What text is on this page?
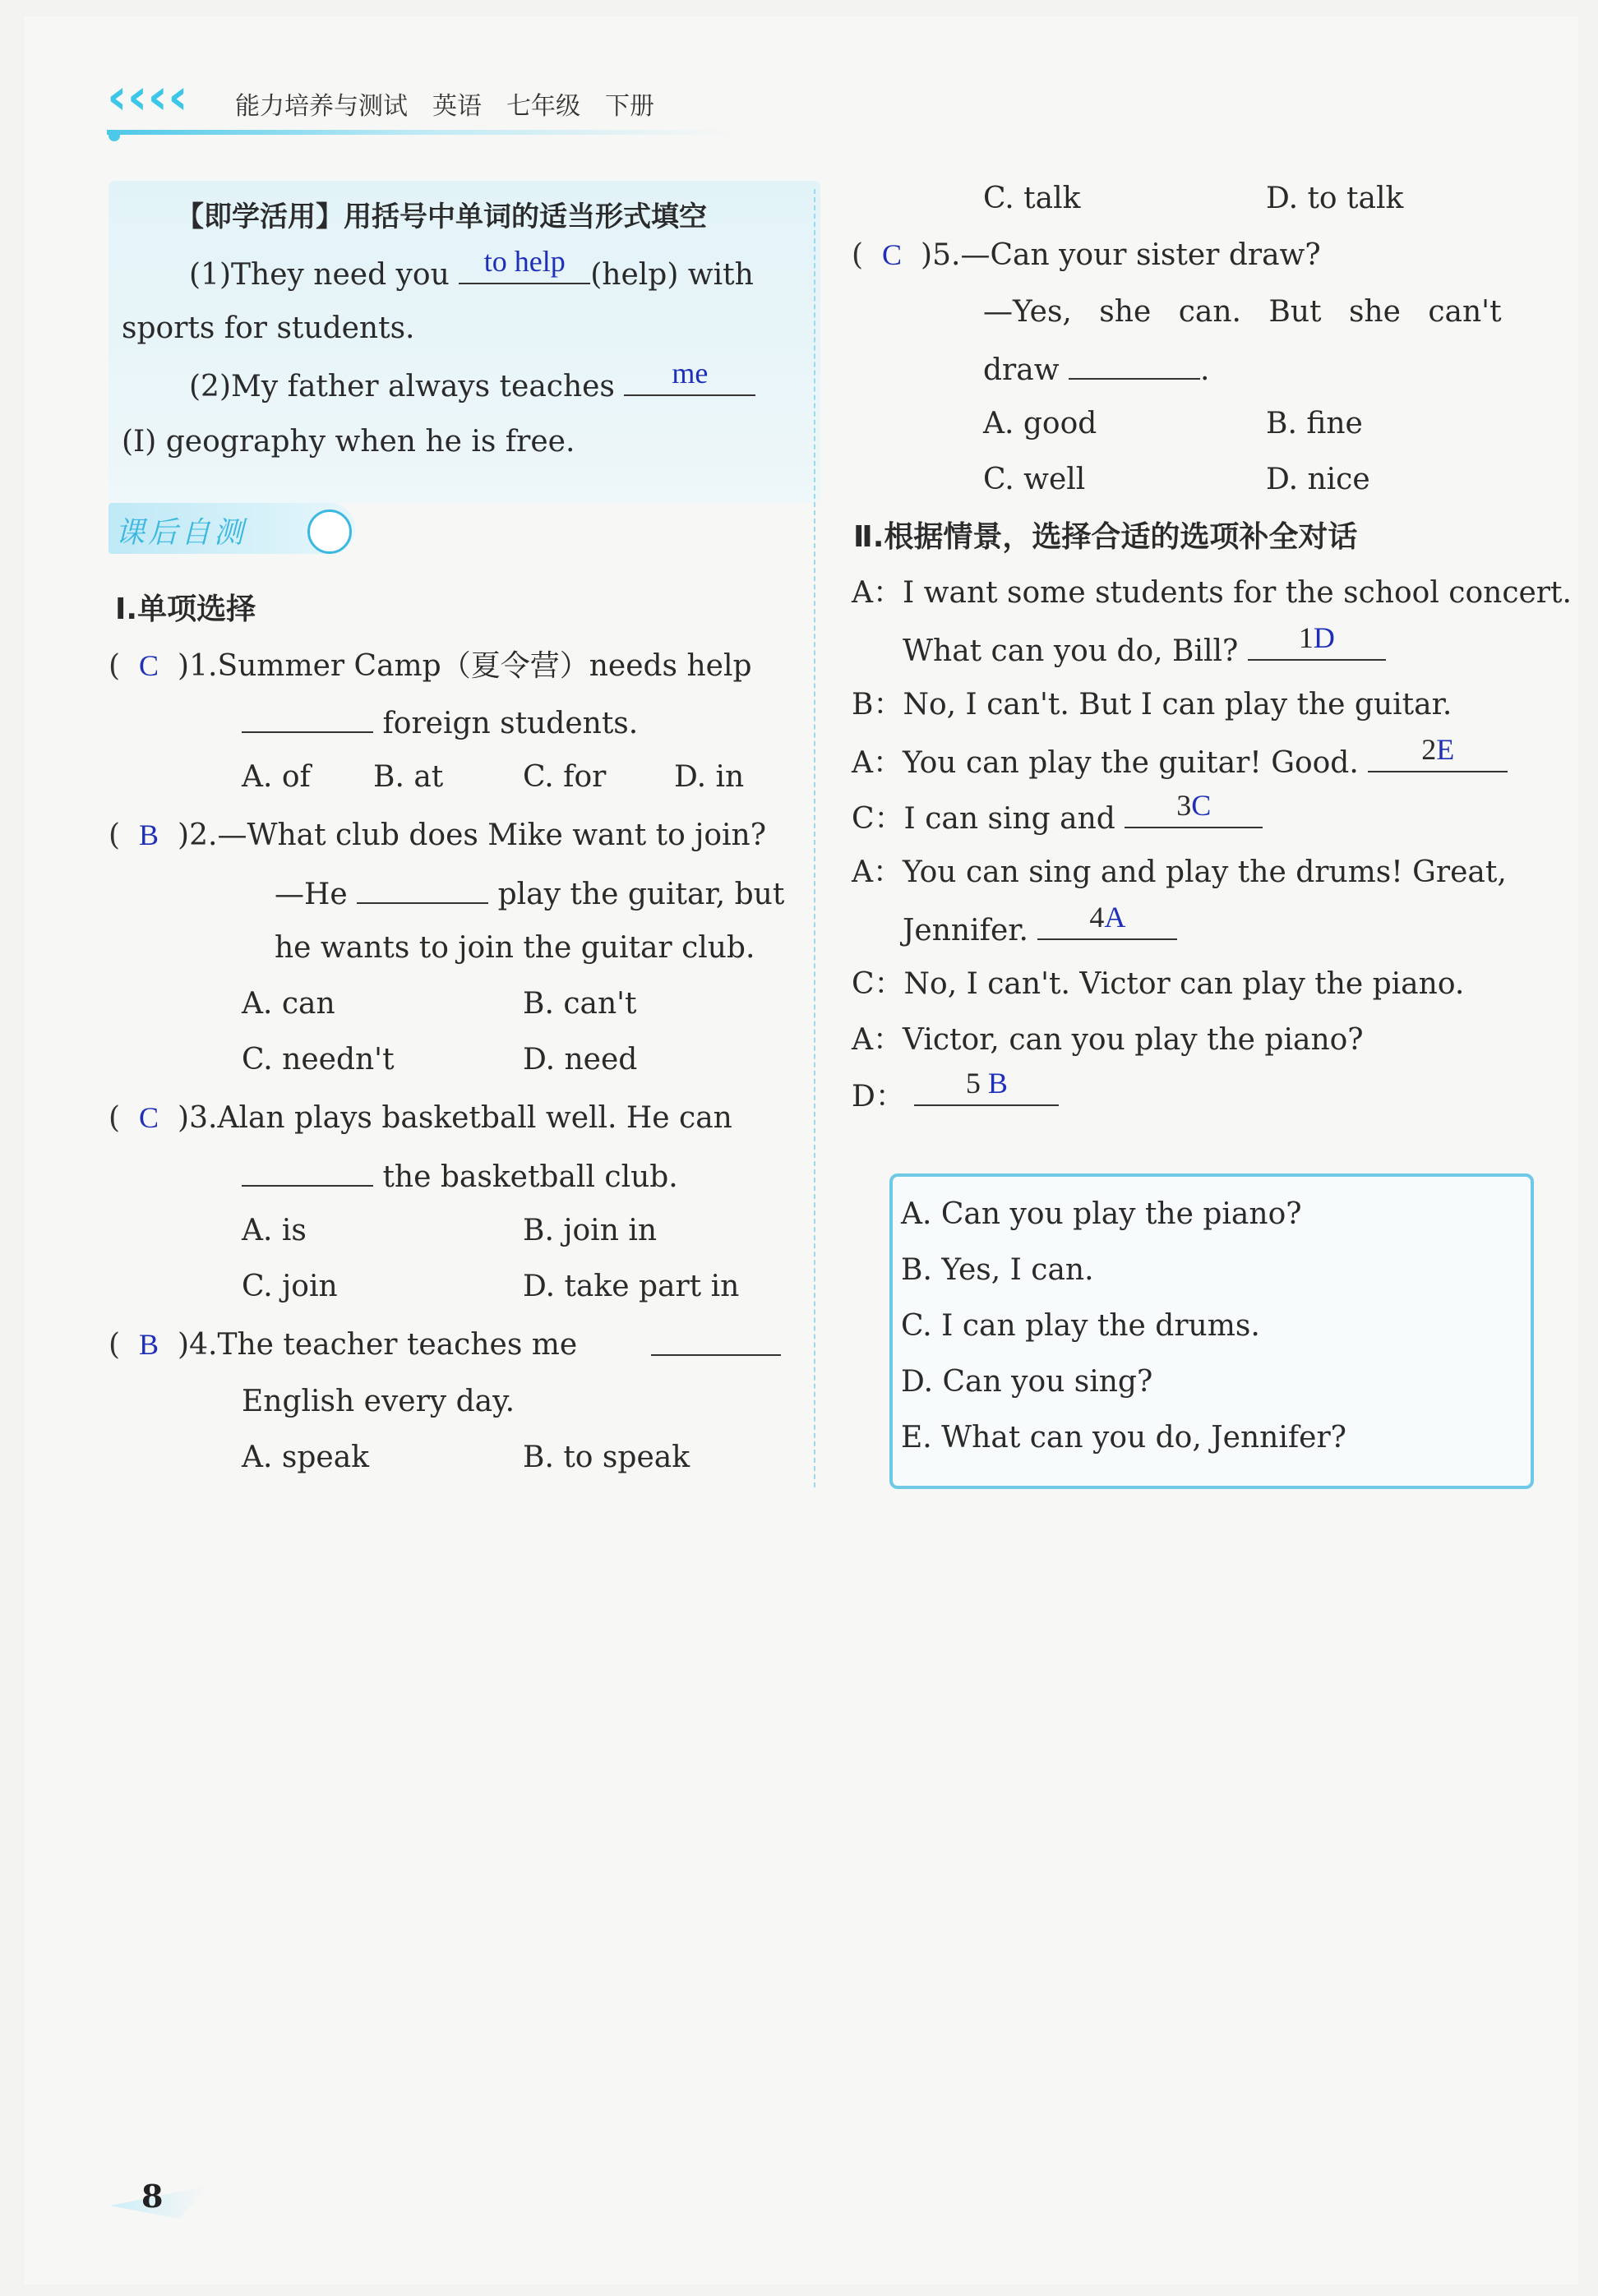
‹‹‹‹ 能力培养与测试 英语 七年级 下册
【即学活用】用括号中单词的适当形式填空
(1)They need you	to help (help) with
sports for students.
(2)My father always teaches	me
(I) geography when he is free.
课后自测
Ⅰ.单项选择
( C )1.Summer Camp（夏令营）needs help
foreign students.
A. of B. at	C. for D. in
( B )2.—What club does Mike want to join?
—He	play the guitar, but
he wants to join the guitar club.
A. can	B. can't
C. needn't	D. need
( C )3.Alan plays basketball well. He can
the basketball club.
A. is	B. join in
C. join	D. take part in
( B )4.The teacher teaches me
English every day.
A. speak	B. to speak
C. talk	D. to talk
( C )5.—Can your sister draw?
—Yes, she can. But she can't
draw	.
A. good	B. fine
C. well	D. nice
Ⅱ.根据情景，选择合适的选项补全对话
A：I want some students for the school concert.
What can you do, Bill?	1D
B：No, I can't. But I can play the guitar.
A：You can play the guitar! Good.	2E
C：I can sing and	3C
A：You can sing and play the drums! Great,
Jennifer.	4A
C：No, I can't. Victor can play the piano.
A：Victor, can you play the piano?
D：	5 B
A. Can you play the piano?
B. Yes, I can.
C. I can play the drums.
D. Can you sing?
E. What can you do, Jennifer?
8
